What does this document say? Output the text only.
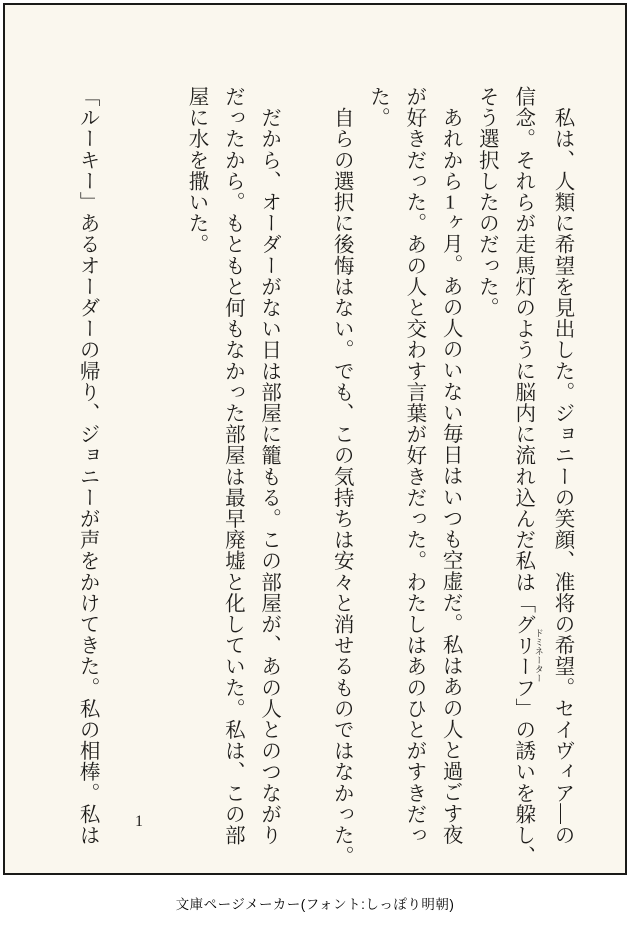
　私は、人類に希望を見出した。ジョニーの笑顔、准将の希望。セイヴィア―の
信念。それらが走馬灯のように脳内に流れ込んだ私は「グリーフ ドミネーター」の誘いを躱し、
そう選択したのだった。
　あれから1ヶ月。あの人のいない毎日はいつも空虚だ。私はあの人と過ごす夜
が好きだった。あの人と交わす言葉が好きだった。わたしはあのひとがすきだっ
た。
　自らの選択に後悔はない。でも、この気持ちは安々と消せるものではなかった。

　だから、オーダーがない日は部屋に籠もる。この部屋が、あの人とのつながり
だったから。もともと何もなかった部屋は最早廃墟と化していた。私は、この部
屋に水を撒いた。

「ルーキー」あるオーダーの帰り、ジョニーが声をかけてきた。私の相棒。私は	1
文庫ページメーカー(フォント:しっぽり明朝)
